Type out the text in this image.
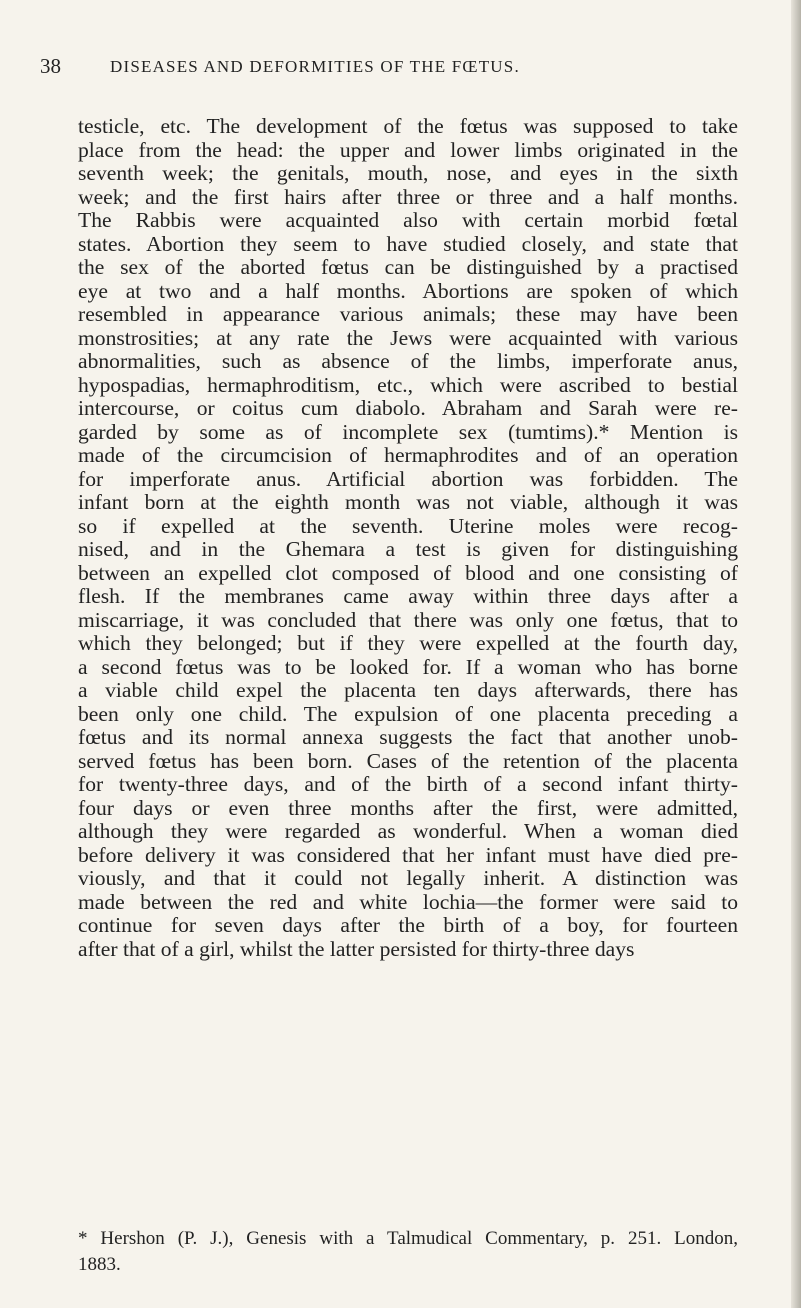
38	DISEASES AND DEFORMITIES OF THE FŒTUS.
testicle, etc. The development of the fœtus was supposed to take
place from the head: the upper and lower limbs originated in the
seventh week; the genitals, mouth, nose, and eyes in the sixth
week; and the first hairs after three or three and a half months.
The Rabbis were acquainted also with certain morbid fœtal
states. Abortion they seem to have studied closely, and state that
the sex of the aborted fœtus can be distinguished by a practised
eye at two and a half months. Abortions are spoken of which
resembled in appearance various animals; these may have been
monstrosities; at any rate the Jews were acquainted with various
abnormalities, such as absence of the limbs, imperforate anus,
hypospadias, hermaphroditism, etc., which were ascribed to bestial
intercourse, or coitus cum diabolo. Abraham and Sarah were re-
garded by some as of incomplete sex (tumtims).* Mention is
made of the circumcision of hermaphrodites and of an operation
for imperforate anus. Artificial abortion was forbidden. The
infant born at the eighth month was not viable, although it was
so if expelled at the seventh. Uterine moles were recog-
nised, and in the Ghemara a test is given for distinguishing
between an expelled clot composed of blood and one consisting of
flesh. If the membranes came away within three days after a
miscarriage, it was concluded that there was only one fœtus, that to
which they belonged; but if they were expelled at the fourth day,
a second fœtus was to be looked for. If a woman who has borne
a viable child expel the placenta ten days afterwards, there has
been only one child. The expulsion of one placenta preceding a
fœtus and its normal annexa suggests the fact that another unob-
served fœtus has been born. Cases of the retention of the placenta
for twenty-three days, and of the birth of a second infant thirty-
four days or even three months after the first, were admitted,
although they were regarded as wonderful. When a woman died
before delivery it was considered that her infant must have died pre-
viously, and that it could not legally inherit. A distinction was
made between the red and white lochia—the former were said to
continue for seven days after the birth of a boy, for fourteen
after that of a girl, whilst the latter persisted for thirty-three days
* Hershon (P. J.), Genesis with a Talmudical Commentary, p. 251. London,
1883.
